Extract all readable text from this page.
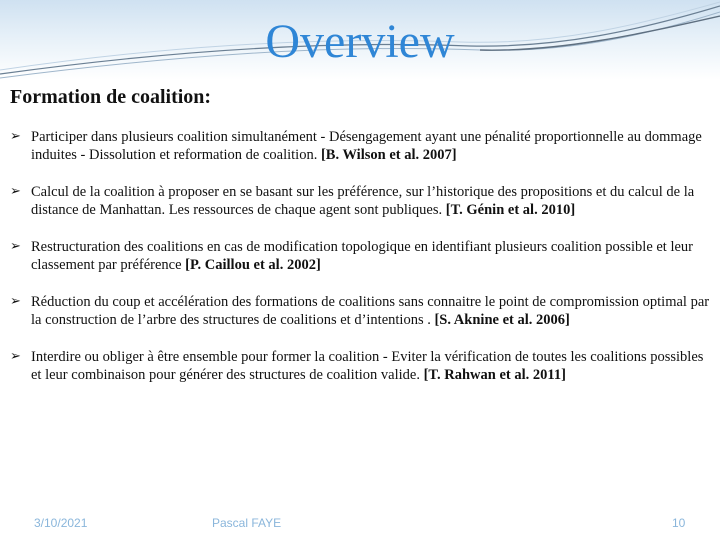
Overview
Formation de coalition:
➢ Participer dans plusieurs coalition simultanément - Désengagement ayant une pénalité proportionnelle au dommage induites - Dissolution et reformation de coalition. [B. Wilson et al. 2007]
➢ Calcul de la coalition à proposer en se basant sur les préférence, sur l’historique des propositions et du calcul de la distance de Manhattan. Les ressources de chaque agent sont publiques. [T. Génin et al. 2010]
➢ Restructuration des coalitions en cas de modification topologique en identifiant plusieurs coalition possible et leur classement par préférence [P. Caillou et al. 2002]
➢ Réduction du coup et accélération des formations de coalitions sans connaitre le point de compromission optimal par la construction de l’arbre des structures de coalitions et d’intentions . [S. Aknine et al. 2006]
➢ Interdire ou obliger à être ensemble pour former la coalition - Eviter la vérification de toutes les coalitions possibles et leur combinaison pour générer des structures de coalition valide. [T. Rahwan et al. 2011]
3/10/2021	Pascal FAYE	10
